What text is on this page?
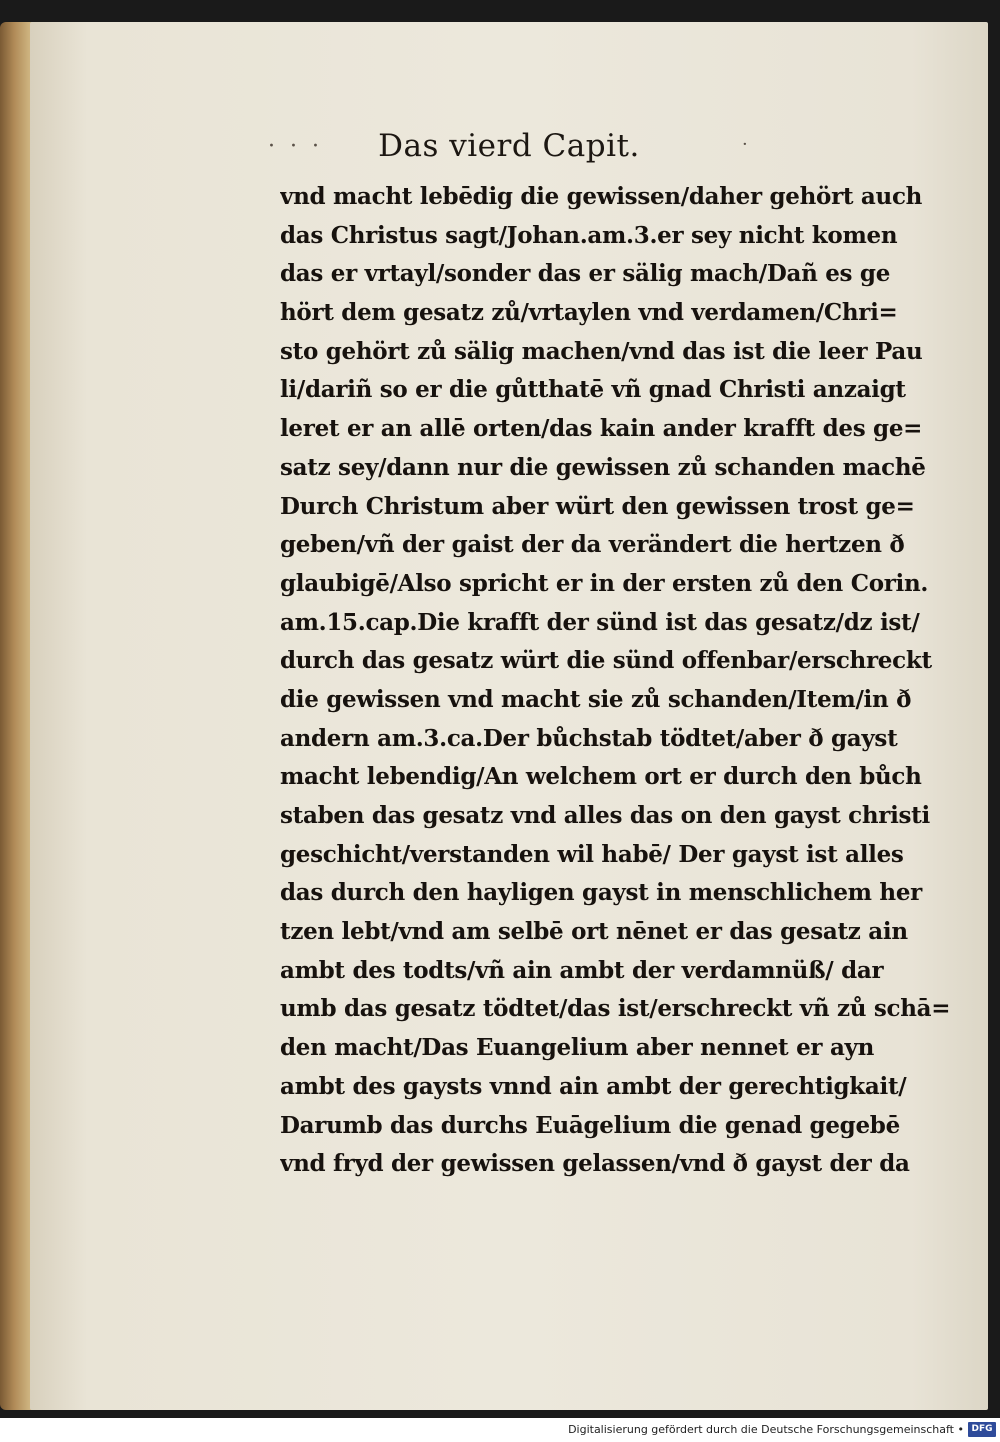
· · ·	Das vierd Capit.	·
vnd macht lebēdig die gewissen/daher gehört auch
das Christus sagt/Johan.am.3.er sey nicht komen
das er vrtayl/sonder das er sälig mach/Dañ es ge
hört dem gesatz zů/vrtaylen vnd verdamen/Chri=
sto gehört zů sälig machen/vnd das ist die leer Pau
li/dariñ so er die gůtthatē vñ gnad Christi anzaigt
leret er an allē orten/das kain ander krafft des ge=
satz sey/dann nur die gewissen zů schanden machē
Durch Christum aber würt den gewissen trost ge=
geben/vñ der gaist der da verändert die hertzen ð
glaubigē/Also spricht er in der ersten zů den Corin.
am.15.cap.Die krafft der sünd ist das gesatz/dz ist/
durch das gesatz würt die sünd offenbar/erschreckt
die gewissen vnd macht sie zů schanden/Item/in ð
andern am.3.ca.Der bůchstab tödtet/aber ð gayst
macht lebendig/An welchem ort er durch den bůch
staben das gesatz vnd alles das on den gayst christi
geschicht/verstanden wil habē/ Der gayst ist alles
das durch den hayligen gayst in menschlichem her
tzen lebt/vnd am selbē ort nēnet er das gesatz ain
ambt des todts/vñ ain ambt der verdamnüß/ dar
umb das gesatz tödtet/das ist/erschreckt vñ zů schā=
den macht/Das Euangelium aber nennet er ayn
ambt des gaysts vnnd ain ambt der gerechtigkait/
Darumb das durchs Euāgelium die genad gegebē
vnd fryd der gewissen gelassen/vnd ð gayst der da
Digitalisierung gefördert durch die Deutsche Forschungsgemeinschaft • DFG
